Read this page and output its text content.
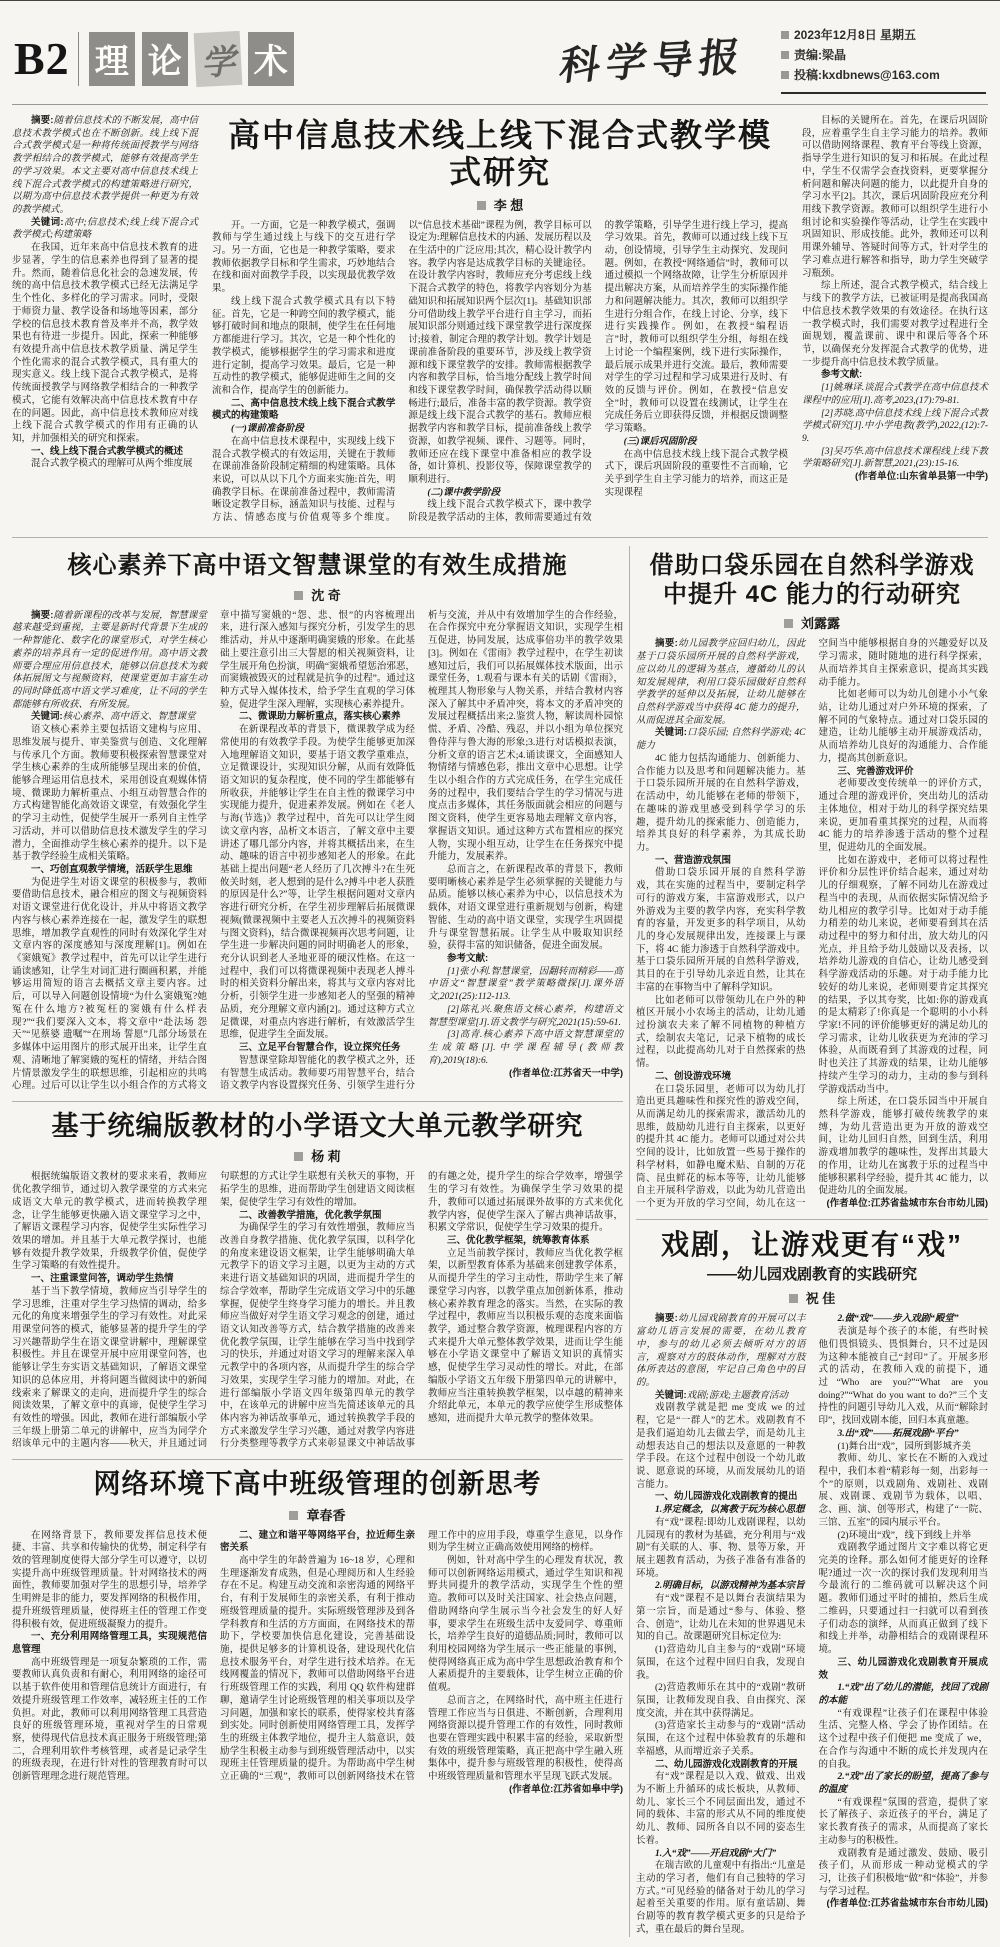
B2 理 论 学 术	科学导报	2023年12月8日 星期五
责编:梁晶
投稿:kxdbnews@163.com

摘要:随着信息技术的不断发展，高中信息技术教学模式也在不断创新。线上线下混合式教学模式是一种将传统面授教学与网络教学相结合的教学模式，能够有效提高学生的学习效果。本文主要对高中信息技术线上线下混合式教学模式的构建策略进行研究，以期为高中信息技术教学提供一种更为有效的教学模式。

关键词:高中;信息技术;线上线下混合式教学模式;构建策略

在我国，近年来高中信息技术教育的进步显著，学生的信息素养也得到了显著的提升。然而，随着信息化社会的急速发展，传统的高中信息技术教学模式已经无法满足学生个性化、多样化的学习需求。同时，受限于师资力量、教学设备和场地等因素，部分学校的信息技术教育普及率并不高，教学效果也有待进一步提升。因此，探索一种能够有效提升高中信息技术教学质量、满足学生个性化需求的混合式教学模式，具有重大的现实意义。线上线下混合式教学模式，是将传统面授教学与网络教学相结合的一种教学模式，它能有效解决高中信息技术教育中存在的问题。因此，高中信息技术教师应对线上线下混合式教学模式的作用有正确的认知，并加强相关的研究和探索。

一、线上线下混合式教学模式的概述

混合式教学模式的理解可从两个维度展

高中信息技术线上线下混合式教学模式研究
李 想

开。一方面，它是一种教学模式，强调教师与学生通过线上与线下的交互进行学习。另一方面，它也是一种教学策略，要求教师依据教学目标和学生需求，巧妙地结合在线和面对面教学手段，以实现最优教学效果。

线上线下混合式教学模式具有以下特征。首先，它是一种跨空间的教学模式，能够打破时间和地点的限制，使学生在任何地方都能进行学习。其次，它是一种个性化的教学模式，能够根据学生的学习需求和进度进行定制，提高学习效果。最后，它是一种互动性的教学模式，能够促进师生之间的交流和合作，提高学生的创新能力。

二、高中信息技术线上线下混合式教学模式的构建策略

(一)课前准备阶段

在高中信息技术课程中，实现线上线下混合式教学模式的有效运用，关键在于教师在课前准备阶段制定精细的构建策略。具体来说，可以从以下几个方面来实施:首先，明确教学目标。在课前准备过程中，教师需清晰设定教学目标，涵盖知识与技能、过程与方法、情感态度与价值观等多个维度。以“信息技术基础”课程为例，教学目标可以设定为:理解信息技术的内涵、发展历程以及在生活中的广泛应用;其次，精心设计教学内容。教学内容是达成教学目标的关键途径。在设计教学内容时，教师应充分考虑线上线下混合式教学的特色，将教学内容划分为基础知识和拓展知识两个层次[1]。基础知识部分可借助线上教学平台进行自主学习，而拓展知识部分则通过线下课堂教学进行深度探讨;接着，制定合理的教学计划。教学计划是课前准备阶段的重要环节，涉及线上教学资源和线下课堂教学的安排。教师需根据教学内容和教学目标，恰当地分配线上教学时间和线下课堂教学时间，确保教学活动得以顺畅进行;最后，准备丰富的教学资源。教学资源是线上线下混合式教学的基石。教师应根据教学内容和教学目标，提前准备线上教学资源，如教学视频、课件、习题等。同时，教师还应在线下课堂中准备相应的教学设备，如计算机、投影仪等，保障课堂教学的顺利进行。

(二)课中教学阶段

线上线下混合式教学模式下，课中教学阶段是教学活动的主体，教师需要通过有效的教学策略，引导学生进行线上学习，提高学习效果。首先，教师可以通过线上线下互动，创设情境，引导学生主动探究、发现问题。例如，在教授“网络通信”时，教师可以通过模拟一个网络故障，让学生分析原因并提出解决方案，从而培养学生的实际操作能力和问题解决能力。其次，教师可以组织学生进行分组合作，在线上讨论、分享，线下进行实践操作。例如，在教授“编程语言”时，教师可以组织学生分组，每组在线上讨论一个编程案例，线下进行实际操作，最后展示成果并进行交流。最后，教师需要对学生的学习过程和学习成果进行及时、有效的反馈与评价。例如，在教授“信息安全”时，教师可以设置在线测试，让学生在完成任务后立即获得反馈，并根据反馈调整学习策略。

(三)课后巩固阶段

在高中信息技术线上线下混合式教学模式下，课后巩固阶段的重要性不言而喻，它关乎到学生自主学习能力的培养，而这正是实现课程

目标的关键所在。首先，在课后巩固阶段，应着重学生自主学习能力的培养。教师可以借助网络课程、教育平台等线上资源，指导学生进行知识的复习和拓展。在此过程中，学生不仅需学会查找资料，更要掌握分析问题和解决问题的能力，以此提升自身的学习水平[2]。其次，课后巩固阶段应充分利用线下教学资源。教师可以组织学生进行小组讨论和实验操作等活动，让学生在实践中巩固知识、形成技能。此外，教师还可以利用课外辅导、答疑时间等方式，针对学生的学习难点进行解答和指导，助力学生突破学习瓶颈。

综上所述，混合式教学模式，结合线上与线下的教学方法，已被证明是提高我国高中信息技术教学效果的有效途径。在执行这一教学模式时，我们需要对教学过程进行全面规划，覆盖课前、课中和课后等各个环节，以确保充分发挥混合式教学的优势，进一步提升高中信息技术教学质量。

参考文献:

[1]姚琳译.谈混合式教学在高中信息技术课程中的应用[J].高考,2023,(17):79-81.

[2]苏晓.高中信息技术线上线下混合式教学模式研究[J].中小学电教(教学),2022,(12):7-9.

[3]吴巧华.高中信息技术课程线上线下教学策略研究[J].新智慧,2021,(23):15-16.

(作者单位:山东省单县第一中学)

核心素养下高中语文智慧课堂的有效生成措施
沈 奇

摘要:随着新课程的改革与发展，智慧课堂越来越受到重视，主要是新时代背景下生成的一种智能化、数字化的课堂形式，对学生核心素养的培养具有一定的促进作用。高中语文教师要合理应用信息技术，能够以信息技术为载体拓展图文与视频资料，使课堂更加丰富生动的同时降低高中语文学习难度，让不同的学生都能够有所收获、有所发展。

关键词:核心素养、高中语文、智慧课堂

语文核心素养主要包括语文建构与应用、思维发展与提升、审美鉴赏与创造、文化理解与传承几个方面。教师要积极探索智慧课堂对学生核心素养的生成所能够呈现出来的价值，能够合理运用信息技术，采用创设直观媒体情境、微课助力解析重点、小组互动智慧合作的方式构建智能化高效语文课堂，有效强化学生的学习主动性，促使学生展开一系列自主性学习活动，并可以借助信息技术激发学生的学习潜力，全面推动学生核心素养的提升。以下是基于教学经验生成相关策略。

一、巧创直观教学情境，活跃学生思维

为促进学生对语文课堂的积极参与，教师要借助信息技术，融合相应的图文与视频资料对语文课堂进行优化设计，并从中将语文教学内容与核心素养连接在一起，激发学生的联想思维，增加教学直观性的同时有效深化学生对文章内容的深度感知与深度理解[1]。例如在《窦娥冤》教学过程中，首先可以让学生进行诵读感知，让学生对词汇进行圈画积累，并能够运用简短的语言去概括文章主要内容。过后，可以导入问题创设情境“为什么窦娥冤?她冤在什么地方?被冤枉的窦娥有什么样表现?”“我们要深入文本，将文章中“赴法场 怨天”“见蔡婆 遗嘱”“在刑场 誓愿”几部分场景在多媒体中运用图片的形式展开出来，让学生直观、清晰地了解窦娥的冤枉的情绪，并结合图片情景激发学生的联想思维，引起相应的共鸣心理。过后可以让学生以小组合作的方式将文章中描写窦娥的“怨、悲、恨”的内容梳理出来，进行深入感知与探究分析，引发学生的思维活动，并从中逐渐明确窦娥的形象。在此基础上要注意引出三大誓愿的相关视频资料，让学生展开角色扮演，明确“窦娥希望惩治邪恶，而窦娥被毁灭的过程就是抗争的过程”。通过这种方式导入媒体技术，给予学生直观的学习体验，促进学生深入理解，实现核心素养提升。

二、微课助力解析重点，落实核心素养

在新课程改革的背景下，微课教学成为经常使用的有效教学手段。为使学生能够更加深入地理解语文知识，要基于语文教学重难点，立足微课设计，实现知识分解，从而有效降低语文知识的复杂程度，使不同的学生都能够有所收获，并能够让学生在自主性的微课学习中实现能力提升，促进素养发展。例如在《老人与海(节选)》教学过程中，首先可以让学生阅读文章内容，品析文本语言，了解文章中主要讲述了哪几部分内容，并将其概括出来，在生动、趣味的语言中初步感知老人的形象。在此基础上提出问题“老人经历了几次搏斗?在生死攸关时刻，老人想到的是什么?搏斗中老人获胜的原因是什么?”等，让学生根据问题对文章内容进行研究分析，在学生初步理解后拓展微课视频(微课视频中主要老人五次搏斗的视频资料与图文资料)，结合微课视频再次思考问题，让学生进一步解决问题的同时明确老人的形象，充分认识到老人圣地亚哥的硬汉性格。在这一过程中，我们可以将微课视频中表现老人搏斗时的相关资料分解出来，将其与文章内容对比分析，引领学生进一步感知老人的坚强的精神品质，充分理解文章内涵[2]。通过这种方式立足微课，对重点内容进行解析，有效激活学生思维，促进学生全面发展。

三、立足平台智慧合作，设立探究任务

智慧课堂除却智能化的教学模式之外，还有智慧生成活动。教师要巧用智慧平台，结合语文教学内容设置探究任务、引领学生进行分析与交流，并从中有效增加学生的合作经验，在合作探究中充分掌握语文知识，实现学生相互促进，协同发展，达成事倍功半的教学效果[3]。例如在《雷雨》教学过程中，在学生初读感知过后，我们可以拓展媒体技术版面，出示课堂任务，1.观看与课本有关的话剧《雷雨》，梳理其人物形象与人物关系，并结合教材内容深入了解其中矛盾冲突，将本文的矛盾冲突的发展过程概括出来;2.鉴赏人物，解读周朴园惊慌、矛盾、冷酷、残忍，并以小组为单位探究鲁侍萍与鲁大海的形象;3.进行对话模拟表演，分析文章的语言艺术;4.诵读课文，全面感知人物情绪与情感色彩，推出文章中心思想。让学生以小组合作的方式完成任务，在学生完成任务的过程中，我们要结合学生的学习情况与进度点击多媒体，其任务版面就会相应的问题与图文资料，使学生更容易地去理解文章内容，掌握语文知识。通过这种方式布置相应的探究人物，实现小组互动，让学生在任务探究中提升能力，发展素养。

总而言之，在新课程改革的背景下，教师要明晰核心素养是学生必须掌握的关键能力与品质。能够以核心素养为中心，以信息技术为载体，对语文课堂进行重新规划与创新，构建智能、生动的高中语文课堂，实现学生巩固提升与课堂智慧拓展。让学生从中吸取知识经验，获得丰富的知识储备，促进全面发展。

参考文献:

[1]张小利.智慧课堂，因翻转而精彩——高中语文“智慧课堂”教学策略微探[J].课外语文,2021(25):112-113.

[2]陈礼兴.聚焦语文核心素养，构建语文智慧型课堂[J].语文教学与研究,2021(15):59-61.

[3]高青.核心素养下高中语文智慧课堂的生成策略[J].中学课程辅导(教师教育),2019(18):6.

(作者单位:江苏省天一中学)

基于统编版教材的小学语文大单元教学研究
杨 莉

根据统编版语文教材的要求来看，教师应优化教学细节，通过切入教学课堂的方式来完成语文大单元的教学模式，进而转换教学理念，让学生能够更快融入语文课堂学习之中，了解语文课程学习内容，促使学生实际性学习效果的增加。并且基于大单元教学探讨，也能够有效提升教学效果，升级教学价值，促使学生学习策略的有效性提升。

一、注重课堂问答，调动学生热情

基于当下教学情境，教师应当引导学生的学习思维，注重对学生学习热情的调动，给多元化的角度来增强学生的学习有效性。对此采用课堂问答的模式，能够显著的提升学生的学习兴趣帮助学生在语文课堂讲解中，理解课堂积极性。并且在课堂开展中应用课堂问答，也能够让学生夯实语文基础知识，了解语文课堂知识的总体应用，并将问题当做阅读中的新闻线索来了解课文的走向，进而提升学生的综合阅读效果，了解文章中的真谛，促使学生学习有效性的增强。因此，教师在进行部编版小学三年级上册第二单元的讲解中，应当为同学介绍该单元中的主题内容——秋天，并且通过词句联想的方式让学生联想有关秋天的事物，开拓学生的思维，进而帮助学生创建语文阅读框架，促使学生学习有效性的增加。

二、改善教学措施，优化教学氛围

为确保学生的学习有效性增强，教师应当改善自身教学措施、优化教学氛围，以科学化的角度来建设语文框架，让学生能够明确大单元教学下的语文学习主题，以更为主动的方式来进行语文基础知识的巩固，进而提升学生的综合学效率，帮助学生完成语文学习中的乐趣掌握，促使学生终身学习能力的增长。并且教师应当做好对学生语文学习观念的创建，通过语文认知改善等方式，结合教学措施的改善来优化教学氛围，让学生能够在学习当中找到学习的快乐，并通过对语文学习的理解来深入单元教学中的各项内容，从而提升学生的综合学习效果，实现学生学习能力的增加。对此，在进行部编版小学语文四年级第四单元的教学中，在该单元的讲解中应当先简述该单元的具体内容为神话故事单元，通过转换教学手段的方式来激发学生学习兴趣，通过对教学内容进行分类整理等教学方式来彰显课文中神话故事的有趣之处，提升学生的综合学效率，增强学生的学习有效性。为确保学生学习效果的提升，教师可以通过拓展课外故事的方式来优化教学内容，促使学生深入了解古典神话故事，积累文学常识，促使学生学习效果的提升。

三、优化教学框架，统筹教育体系

立足当前教学探讨，教师应当优化教学框架，以新型教育体系为基础来创建教学体系，从而提升学生的学习主动性，帮助学生来了解课堂学习内容，以教学重点加创新体系，推动核心素养教育理念的落实。当然，在实际的教学过程中，教师应当以积极乐观的态度来面临教学，通过整合教学资源，梳理课程内容的方式来提升大单元整体教学效果，进而让学生能够在小学语文课堂中了解语文知识的真情实感，促使学生学习灵动性的增长。对此，在部编版小学语文五年级下册第四单元的讲解中，教师应当注重转换教学框架，以卓越的精神来介绍此单元，本单元的教学应使学生形成整体感知，进而提升大单元教学的整体效果。

网络环境下高中班级管理的创新思考
章春香

在网络背景下，教师要发挥信息技术便捷、丰富、共享和传输快的优势，制定科学有效的管理制度使得大部分学生可以遵守，以切实提升高中班级管理质量。针对网络技术的两面性，教师要加强对学生的思想引导，培养学生明辨是非的能力，要发挥网络的积极作用，提升班级管理质量，使得班主任的管理工作变得积极有效，促进班级凝聚力的提升。

一、充分利用网络管理工具，实现规范信息管理

高中班级管理是一项复杂繁琐的工作，需要教师认真负责和有耐心，利用网络的途径可以基于软件使用和管理信息统计方面进行，有效提升班级管理工作效率，减轻班主任的工作负担。对此，教师可以利用网络管理工具营造良好的班级管理环境，重视对学生的日常观察，使得现代信息技术真正服务于班级管理;第二，合理利用软件考核管理，或者是记录学生的班级表现，在进行针对性的管理教育时可以创新管理理念进行规范管理。

二、建立和谐平等网络平台，拉近师生亲密关系

高中学生的年龄普遍为 16~18 岁，心理和生理逐渐发育成熟，但是心理阅历和人生经验存在不足。构建互动交流和亲密沟通的网络平台，有利于发展师生的亲密关系，有利于推动班级管理质量的提升。实际班级管理涉及到各学科教育和生活的方方面面，在网络技术的帮助下，学校要加快信息化建设，完善基础设施，提供足够多的计算机设备，建设现代化信息技术服务平台，对学生进行技术培养。在无线网覆盖的情况下，教师可以借助网络平台进行班级管理工作的实践，利用 QQ 软件构建群聊，邀请学生讨论班级管理的相关事项以及学习问题，加强和家长的联系，使得家校共育落到实处。同时创新使用网络管理工具，发挥学生的班级主体教学地位，提升主人翁意识，鼓励学生积极主动参与到班级管理活动中，以实现班主任管理质量的提升。为帮助高中学生树立正确的“三观”，教师可以创新网络技术在管理工作中的应用手段，尊重学生意见，以身作则为学生树立正确高效使用网络的榜样。

例如，针对高中学生的心理发育状况，教师可以创新网络运用模式，通过学生知识和视野共同提升的教学活动，实现学生个性的塑造。教师可以及时关注国家、社会热点问题，借助网络向学生展示当今社会发生的好人好事，要求学生在班级生活中友爱同学、尊重师长，培养学生良好的道德品质;同时，教师可以利用校园网络为学生展示一些正能量的事例，使得网络真正成为高中学生思想政治教育和个人素质提升的主要载体，让学生树立正确的价值观。

总而言之，在网络时代，高中班主任进行管理工作应当与日俱进、不断创新，合理利用网络资源以提升管理工作的有效性，同时教师也要在管理实践中积累丰富的经验，采取新型有效的班级管理策略，真正把高中学生融入班集体中，提升参与班级管理的积极性，使得高中班级管理质量和管理水平呈现飞跃式发展。

(作者单位:江苏省如皋中学)

借助口袋乐园在自然科学游戏
中提升 4C 能力的行动研究
刘露露

摘要:幼儿园教学应回归幼儿，因此基于口袋乐园所开展的自然科学游戏，应以幼儿的逻辑为基点，遵循幼儿的认知发展规律，利用口袋乐园做好自然科学教学的延伸以及拓展，让幼儿能够在自然科学游戏当中获得 4C 能力的提升，从而促进其全面发展。

关键词:口袋乐园; 自然科学游戏; 4C 能力

4C 能力包括沟通能力、创新能力、合作能力以及思考和问题解决能力。基于口袋乐园所开展的在自然科学游戏，在活动中，幼儿能够在老师的带领下，在趣味的游戏里感受到科学学习的乐趣，提升幼儿的探索能力、创造能力，培养其良好的科学素养，为其成长助力。

一、营造游戏氛围

借助口袋乐园开展的自然科学游戏，其在实施的过程当中，要制定科学可行的游戏方案，丰富游戏形式，以户外游戏为主要的教学内容，充实科学教育的容量，开发更多的科学项目，从幼儿的身心发展规律出发，连接课上与课下，将 4C 能力渗透于自然科学游戏中。基于口袋乐园所开展的自然科学游戏，其目的在于引导幼儿亲近自然，让其在丰富的在事物当中了解科学知识。

比如老师可以带领幼儿在户外的种植区开展小小农场主的活动，让幼儿通过扮演农夫来了解不同植物的种植方式，绘制农夫笔记，记录下植物的成长过程，以此提高幼儿对于自然探索的热情。

二、创设游戏环境

在口袋乐园里，老师可以为幼儿打造出更具趣味性和探究性的游戏空间，从而满足幼儿的探索需求，激活幼儿的思维，鼓励幼儿进行自主探索，以更好的提升其 4C 能力。老师可以通过对公共空间的设计，比如放置一些易于操作的科学材料，如静电魔术贴、自制的万花筒、昆虫鲜花的标本等等，让幼儿能够自主开展科学游戏，以此为幼儿营造出一个更为开放的学习空间，幼儿在这一空间当中能够根据自身的兴趣爱好以及学习需求，随时随地的进行科学探索，从而培养其自主探索意识，提高其实践动手能力。

比如老师可以为幼儿创建小小气象站，让幼儿通过对户外环境的探索，了解不同的气象特点。通过对口袋乐园的建造，让幼儿能够主动开展游戏活动，从而培养幼儿良好的沟通能力、合作能力，提高其创新意识。

三、完善游戏评价

老师要改变传统单一的评价方式，通过合理的游戏评价，突出幼儿的活动主体地位，相对于幼儿的科学探究结果来说，更加看重其探究的过程，从而将 4C 能力的培养渗透于活动的整个过程里，促进幼儿的全面发展。

比如在游戏中，老师可以将过程性评价和分层性评价结合起来，通过对幼儿的仔细观察，了解不同幼儿在游戏过程当中的表现，从而依据实际情况给予幼儿相应的教学引导。比如对于动手能力稍差的幼儿来说，老师要看到其在活动过程中的努力和付出，放大幼儿的闪光点，并且给予幼儿鼓励以及表扬，以培养幼儿游戏的自信心，让幼儿感受到科学游戏活动的乐趣。对于动手能力比较好的幼儿来说，老师则要肯定其探究的结果，予以其夸奖，比如:你的游戏真的是太精彩了!你真是一个聪明的小小科学家!不同的评价能够更好的满足幼儿的学习需求，让幼儿收获更为充沛的学习体验，从而既看到了其游戏的过程，同时也关注了其游戏的结果，让幼儿能够持续产生学习的动力，主动的参与到科学游戏活动当中。

综上所述，在口袋乐园当中开展自然科学游戏，能够打破传统教学的束缚，为幼儿营造出更为开放的游戏空间，让幼儿回归自然，回到生活，利用游戏增加教学的趣味性，发挥出其最大的作用，让幼儿在寓教于乐的过程当中能够积累科学经验，提升其 4C 能力，以促进幼儿的全面发展。

(作者单位:江苏省盐城市东台市幼儿园)

戏剧，让游戏更有“戏”
——幼儿园戏剧教育的实践研究
祝 佳

摘要:幼儿园戏剧教育的开展可以丰富幼儿语言发展的需要，在幼儿教育中，参与的幼儿必须去倾听对方的语言，观察对方的肢体动作，理解对方肢体所表达的意图，牢记自己角色中的目的。

关键词:戏剧;游戏;主题教育活动

戏剧教学就是把 me 变成 we 的过程，它是“一群人”的艺术。戏剧教育不是我们逼迫幼儿去做去学，而是幼儿主动想表达自己的想法以及意愿的一种教学手段。在这个过程中创设一个幼儿敢说、愿意说的环境，从而发展幼儿的语言能力。

一、幼儿园游戏化戏剧教育的提出

1.界定概念，以寓教于玩为核心思想

有“戏”课程:即幼儿戏剧课程，以幼儿园现有的教材为基础，充分利用与“戏剧”有关联的人、事、物、景等万象，开展主题教育活动，为孩子准备有准备的环境。

2.明确目标，以游戏精神为基本宗旨

有“戏”课程不是以舞台表演结果为第一宗旨，而是通过“参与、体验、整合、创造”，让幼儿在未知的世界遇见未知的自己。故课题研究目标定位为:

(1)营造幼儿自主参与的“戏剧”环境氛围，在这个过程中回归自我，发现自我。

(2)营造教师乐在其中的“戏剧”教研氛围，让教师发现自我、自由探究、深度交流，并在其中获得满足。

(3)营造家长主动参与的“戏剧”活动氛围，在这个过程中体验教育的乐趣和幸福感，从而增近亲子关系。

二、幼儿园游戏化戏剧教育的开展

有“戏”课程是以入戏、做戏、出戏为不断上升循环的成长板块，从教师、幼儿、家长三个不同层面出发，通过不同的载体、丰富的形式从不同的维度使幼儿、教师、园所各自以不同的姿态生长着。

1.入“戏”——开启戏剧“大门”

在瑞吉欧的儿童观中有指出:“儿童是主动的学习者，他们有自己独特的学习方式。”可见经验的储备对于幼儿的学习起着至关重要的作用。原有童话剧、舞台剧等的教育教学模式更多的只是给予式，重在最后的舞台呈现。

2.做“戏”——步入戏剧“殿堂”

表演是每个孩子的本能，有些时候他们畏惧镜头、畏惧舞台，只不过是因为这种本能被自己“封印”了。开展多形式的活动，在教师入戏的前提下，通过“Who are you?”“What are you doing?”“What do you want to do?”三个支持性的问题引导幼儿入戏，从而“解除封印”，找回戏剧本能，回归本真童趣。

3.出“戏”——拓展戏剧“平台”

(1)舞台出“戏”，园所到影城齐美

教师、幼儿、家长在不断的入戏过程中，我们本着“精彩每一刻，出彩每一个”的原则，以戏剧角、戏剧社、戏剧展、戏剧课、戏剧节为载体，以唱、念、画、演、创等形式，构建了“一院、三馆、五室”的园内展示平台。

(2)环境出“戏”，线下到线上并举

戏剧教学通过图片文字难以将它更完美的诠释。那么如何才能更好的诠释呢?通过一次一次的探讨我们发现利用当今最流行的二维码就可以解决这个问题。教师们通过平时的捕拍，然后生成二维码，只要通过扫一扫就可以看到孩子们动态的演绎，从而真正做到了线下和线上并举，动静相结合的戏剧课程环境。

三、幼儿园游戏化戏剧教育开展成效

1.“戏”出了幼儿的潜能，找回了戏剧的本能

“有戏课程”让孩子们在课程中体验生活、完整人格、学会了协作团结。在这个过程中孩子们便把 me 变成了 we，在合作与沟通中不断的成长并发现内在的自我。

2.“戏”出了家长的盼望，提高了参与的温度

“有戏课程”氛围的营造，提供了家长了解孩子、亲近孩子的平台，满足了家长教育孩子的需求，从而提高了家长主动参与的积极性。

戏剧教育是通过激发、鼓励、吸引孩子们，从而形成一种动觉模式的学习，让孩子们积极地“做”和“体验”，并参与学习过程。

(作者单位:江苏省盐城市东台市幼儿园)
